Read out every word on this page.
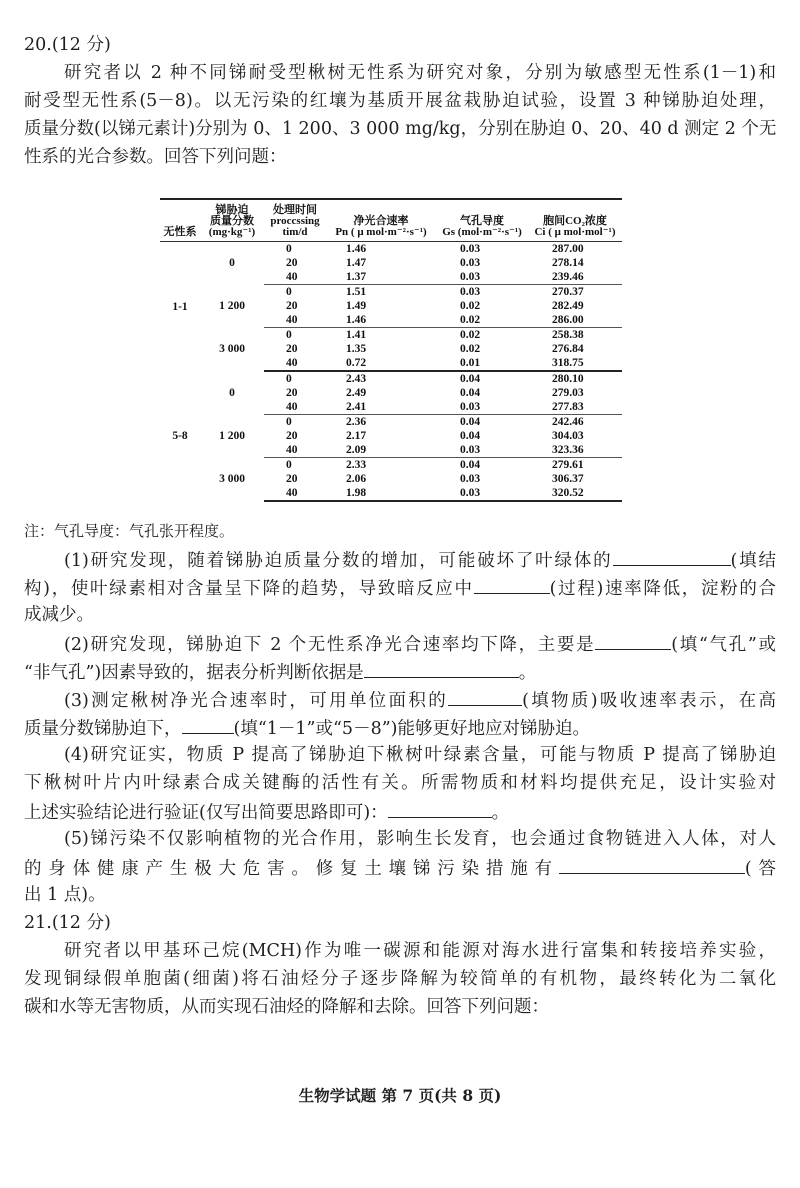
20.(12 分)
研究者以 2 种不同锑耐受型楸树无性系为研究对象，分别为敏感型无性系(1－1)和
耐受型无性系(5－8)。以无污染的红壤为基质开展盆栽胁迫试验，设置 3 种锑胁迫处理，
质量分数(以锑元素计)分别为 0、1 200、3 000 mg/kg，分别在胁迫 0、20、40 d 测定 2 个无
性系的光合参数。回答下列问题：
无性系	锑胁迫
质量分数
(mg·kg⁻¹)	处理时间
proccssing
tim/d	净光合速率
Pn ( μ mol·m⁻²·s⁻¹)	气孔导度
Gs (mol·m⁻²·s⁻¹)	胞间CO₂浓度
Ci ( μ mol·mol⁻¹)
1-1	0	0	1.46	0.03	287.00
		20	1.47	0.03	278.14
		40	1.37	0.03	239.46
	1 200	0	1.51	0.03	270.37
		20	1.49	0.02	282.49
		40	1.46	0.02	286.00
	3 000	0	1.41	0.02	258.38
		20	1.35	0.02	276.84
		40	0.72	0.01	318.75
5-8	0	0	2.43	0.04	280.10
		20	2.49	0.04	279.03
		40	2.41	0.03	277.83
	1 200	0	2.36	0.04	242.46
		20	2.17	0.04	304.03
		40	2.09	0.03	323.36
	3 000	0	2.33	0.04	279.61
		20	2.06	0.03	306.37
		40	1.98	0.03	320.52
注：气孔导度：气孔张开程度。
(1)研究发现，随着锑胁迫质量分数的增加，可能破坏了叶绿体的	(填结
构)，使叶绿素相对含量呈下降的趋势，导致暗反应中	(过程)速率降低，淀粉的合
成减少。
(2)研究发现，锑胁迫下 2 个无性系净光合速率均下降，主要是	(填“气孔”或
“非气孔”)因素导致的，据表分析判断依据是	。
(3)测定楸树净光合速率时，可用单位面积的	(填物质)吸收速率表示，在高
质量分数锑胁迫下，	(填“1－1”或“5－8”)能够更好地应对锑胁迫。
(4)研究证实，物质 P 提高了锑胁迫下楸树叶绿素含量，可能与物质 P 提高了锑胁迫
下楸树叶片内叶绿素合成关键酶的活性有关。所需物质和材料均提供充足，设计实验对
上述实验结论进行验证(仅写出简要思路即可)：	。
(5)锑污染不仅影响植物的光合作用，影响生长发育，也会通过食物链进入人体，对人
的身体健康产生极大危害。修复土壤锑污染措施有	(答
出 1 点)。
21.(12 分)
研究者以甲基环己烷(MCH)作为唯一碳源和能源对海水进行富集和转接培养实验，
发现铜绿假单胞菌(细菌)将石油烃分子逐步降解为较简单的有机物，最终转化为二氧化
碳和水等无害物质，从而实现石油烃的降解和去除。回答下列问题：
生物学试题 第 7 页(共 8 页)
